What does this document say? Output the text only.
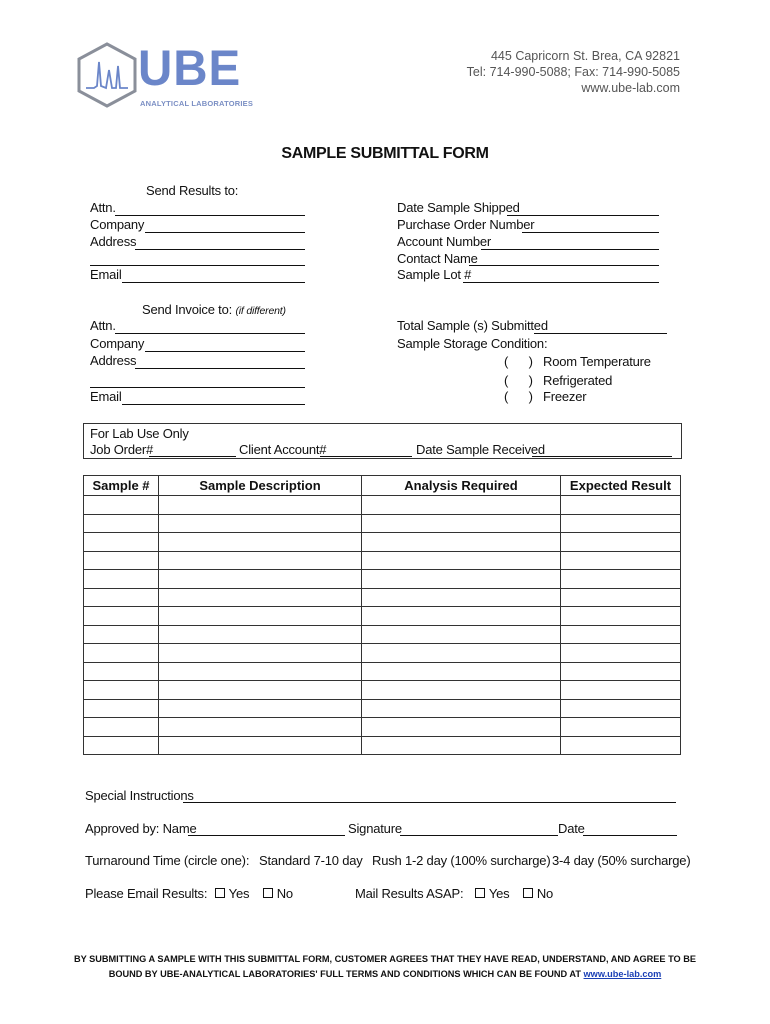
UBE
ANALYTICAL LABORATORIES
445 Capricorn St. Brea, CA 92821
Tel: 714-990-5088; Fax: 714-990-5085
www.ube-lab.com
SAMPLE SUBMITTAL FORM
Send Results to:
Attn.
Company
Address
Email
Date Sample Shipped
Purchase Order Number
Account Number
Contact Name
Sample Lot #
Send Invoice to: (if different)
Attn.
Company
Address
Email
Total Sample (s) Submitted
Sample Storage Condition:
(      ) Room Temperature
(      ) Refrigerated
(      ) Freezer
For Lab Use Only
Job Order#	Client Account#	Date Sample Received
Sample #	Sample Description	Analysis Required	Expected Result

Special Instructions
Approved by: Name	Signature	Date
Turnaround Time (circle one): Standard 7-10 day Rush 1-2 day (100% surcharge) 3-4 day (50% surcharge)
Please Email Results: Yes No	Mail Results ASAP: Yes No
BY SUBMITTING A SAMPLE WITH THIS SUBMITTAL FORM, CUSTOMER AGREES THAT THEY HAVE READ, UNDERSTAND, AND AGREE TO BE
BOUND BY UBE-ANALYTICAL LABORATORIES' FULL TERMS AND CONDITIONS WHICH CAN BE FOUND AT www.ube-lab.com
